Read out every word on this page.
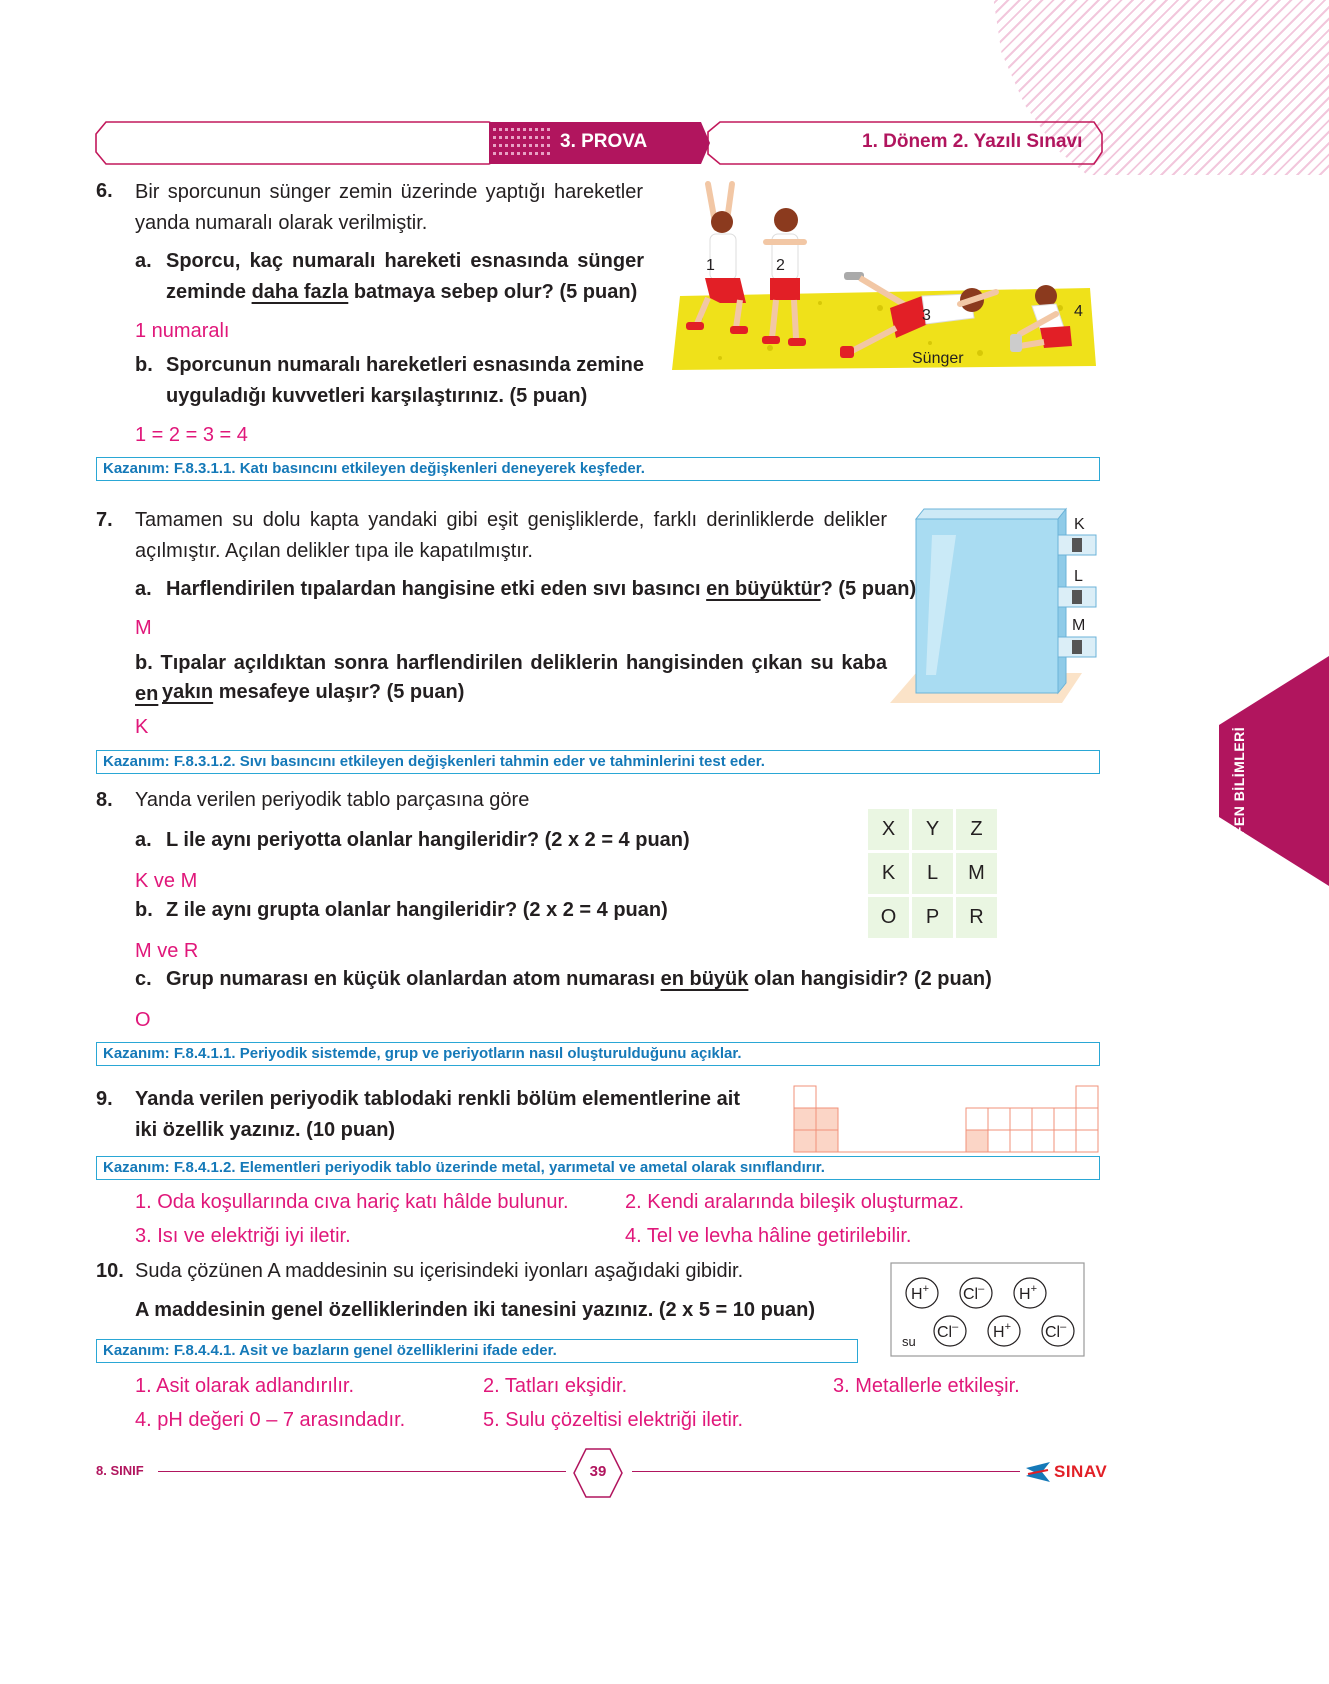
3. PROVA	1. Dönem 2. Yazılı Sınavı
FEN BİLİMLERİ
6. Bir sporcunun sünger zemin üzerinde yaptığı hareketler yanda numaralı olarak verilmiştir.
a. Sporcu, kaç numaralı hareketi esnasında sünger zeminde daha fazla batmaya sebep olur? (5 puan)
1 numaralı
b. Sporcunun numaralı hareketleri esnasında zemine uyguladığı kuvvetleri karşılaştırınız. (5 puan)
1 = 2 = 3 = 4
1	2
3	4
Sünger
Kazanım: F.8.3.1.1. Katı basıncını etkileyen değişkenleri deneyerek keşfeder.
7. Tamamen su dolu kapta yandaki gibi eşit genişliklerde, farklı derinliklerde delikler açılmıştır. Açılan delikler tıpa ile kapatılmıştır.
a. Harflendirilen tıpalardan hangisine etki eden sıvı basıncı en büyüktür? (5 puan)
M
b. Tıpalar açıldıktan sonra harflendirilen deliklerin hangisinden çıkan su kaba en yakın mesafeye ulaşır? (5 puan)
K
K
L
M
Kazanım: F.8.3.1.2. Sıvı basıncını etkileyen değişkenleri tahmin eder ve tahminlerini test eder.
8. Yanda verilen periyodik tablo parçasına göre
a. L ile aynı periyotta olanlar hangileridir? (2 x 2 = 4 puan)
K ve M
b. Z ile aynı grupta olanlar hangileridir? (2 x 2 = 4 puan)
M ve R
c. Grup numarası en küçük olanlardan atom numarası en büyük olan hangisidir? (2 puan)
O
X	Y	Z
K	L	M
O	P	R
Kazanım: F.8.4.1.1. Periyodik sistemde, grup ve periyotların nasıl oluşturulduğunu açıklar.
9. Yanda verilen periyodik tablodaki renkli bölüm elementlerine ait iki özellik yazınız. (10 puan)
Kazanım: F.8.4.1.2. Elementleri periyodik tablo üzerinde metal, yarımetal ve ametal olarak sınıflandırır.
1. Oda koşullarında cıva hariç katı hâlde bulunur.	2. Kendi aralarında bileşik oluşturmaz.
3. Isı ve elektriği iyi iletir.	4. Tel ve levha hâline getirilebilir.
10. Suda çözünen A maddesinin su içerisindeki iyonları aşağıdaki gibidir.
A maddesinin genel özelliklerinden iki tanesini yazınız. (2 x 5 = 10 puan)
H+ Cl– H+
Cl– H+ Cl–
su
Kazanım: F.8.4.4.1. Asit ve bazların genel özelliklerini ifade eder.
1. Asit olarak adlandırılır.	2. Tatları ekşidir.	3. Metallerle etkileşir.
4. pH değeri 0 – 7 arasındadır.	5. Sulu çözeltisi elektriği iletir.
8. SINIF	39	SINAV
